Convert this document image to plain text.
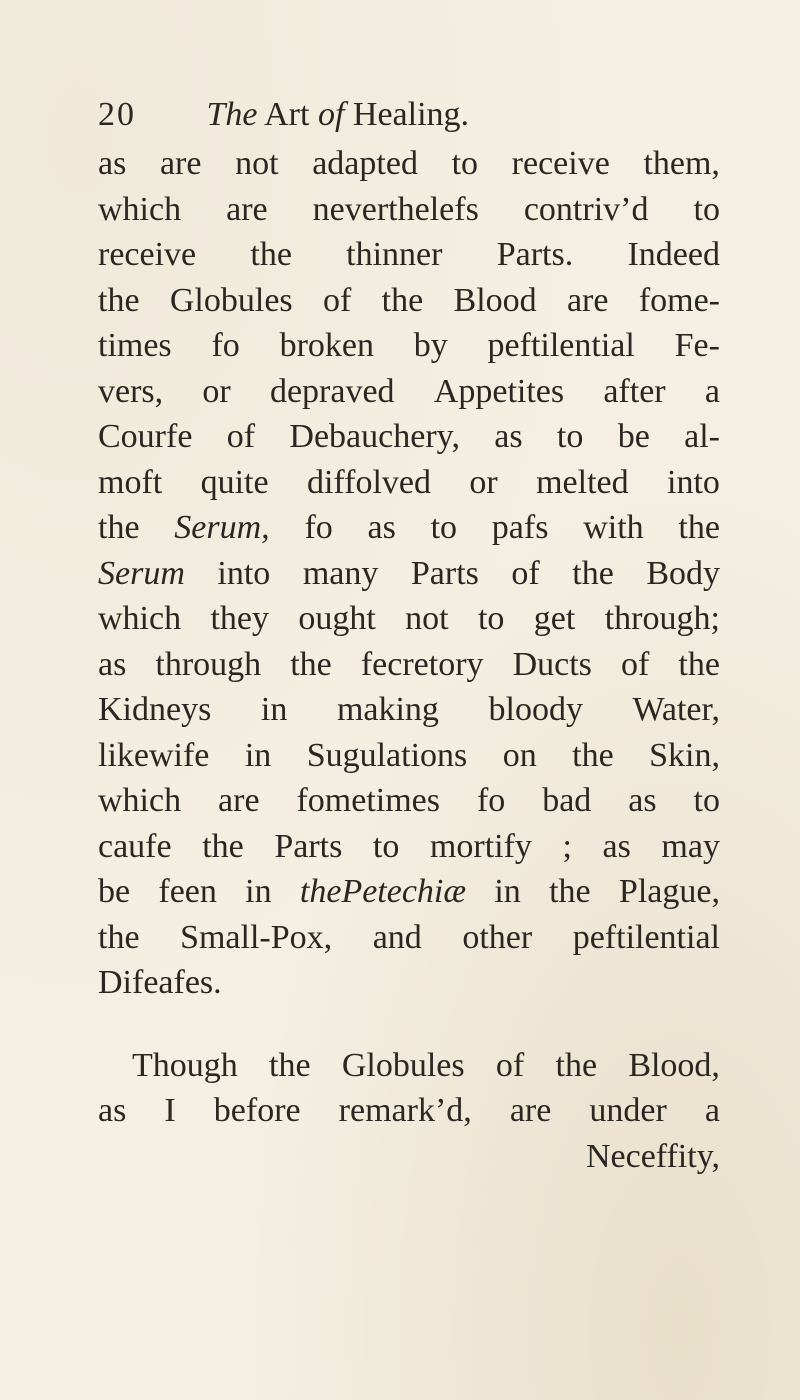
20 The Art of Healing.
as are not adapted to receive them,
which are neverthelefs contriv’d to
receive the thinner Parts. Indeed
the Globules of the Blood are fome-
times fo broken by peftilential Fe-
vers, or depraved Appetites after a
Courfe of Debauchery, as to be al-
moft quite diffolved or melted into
the Serum, fo as to pafs with the
Serum into many Parts of the Body
which they ought not to get through;
as through the fecretory Ducts of the
Kidneys in making bloody Water,
likewife in Sugulations on the Skin,
which are fometimes fo bad as to
caufe the Parts to mortify ; as may
be feen in thePetechiæ in the Plague,
the Small-Pox, and other peftilential
Difeafes.
Though the Globules of the Blood,
as I before remark’d, are under a
Neceffity,
